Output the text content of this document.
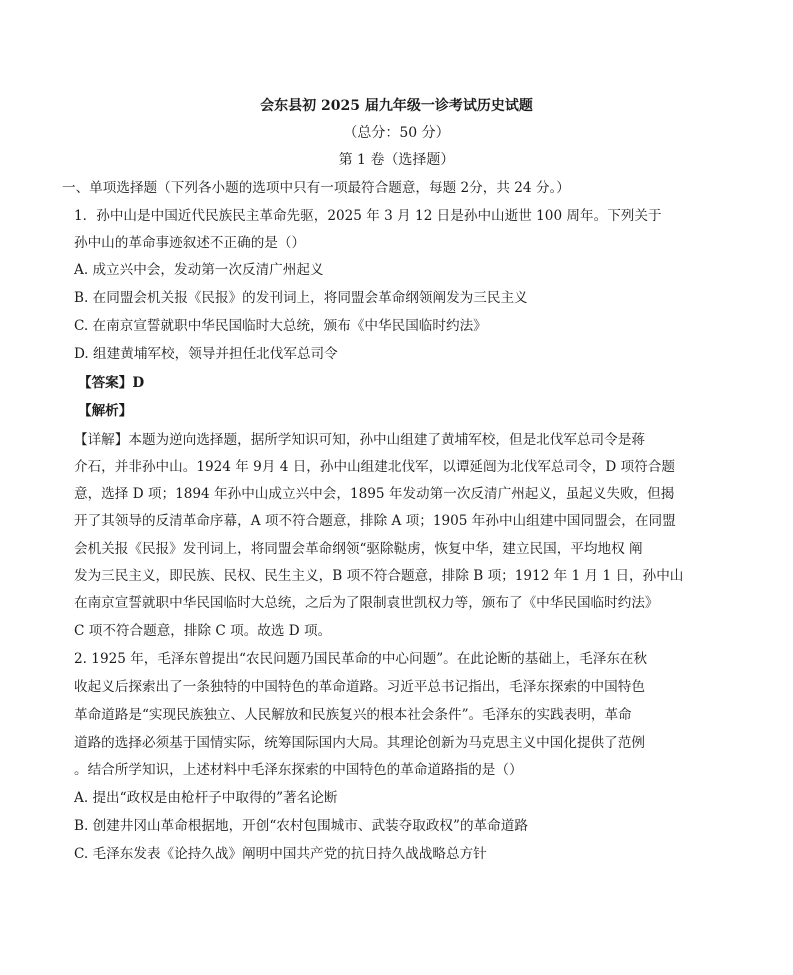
会东县初 2025 届九年级一诊考试历史试题
（总分：50 分）
第 1 卷（选择题）
一、单项选择题（下列各小题的选项中只有一项最符合题意，每题 2分，共 24 分。）
1．孙中山是中国近代民族民主革命先驱，2025 年 3 月 12 日是孙中山逝世 100 周年。下列关于
孙中山的革命事迹叙述不正确的是（）
A. 成立兴中会，发动第一次反清广州起义
B. 在同盟会机关报《民报》的发刊词上，将同盟会革命纲领阐发为三民主义
C. 在南京宣誓就职中华民国临时大总统，颁布《中华民国临时约法》
D. 组建黄埔军校，领导并担任北伐军总司令
【答案】D
【解析】
【详解】本题为逆向选择题，据所学知识可知，孙中山组建了黄埔军校，但是北伐军总司令是蒋
介石，并非孙中山。1924 年 9月 4 日，孙中山组建北伐军，以谭延闿为北伐军总司令，D 项符合题
意，选择 D 项；1894 年孙中山成立兴中会，1895 年发动第一次反清广州起义，虽起义失败，但揭
开了其领导的反清革命序幕，A 项不符合题意，排除 A 项；1905 年孙中山组建中国同盟会，在同盟
会机关报《民报》发刊词上，将同盟会革命纲领“驱除鞑虏，恢复中华，建立民国，平均地权 阐
发为三民主义，即民族、民权、民生主义，B 项不符合题意，排除 B 项；1912 年 1 月 1 日，孙中山
在南京宣誓就职中华民国临时大总统，之后为了限制袁世凯权力等，颁布了《中华民国临时约法》
C 项不符合题意，排除 C 项。故选 D 项。
2. 1925 年，毛泽东曾提出“农民问题乃国民革命的中心问题”。在此论断的基础上，毛泽东在秋
收起义后探索出了一条独特的中国特色的革命道路。习近平总书记指出，毛泽东探索的中国特色
革命道路是“实现民族独立、人民解放和民族复兴的根本社会条件”。毛泽东的实践表明，革命
道路的选择必须基于国情实际，统筹国际国内大局。其理论创新为马克思主义中国化提供了范例
。结合所学知识，上述材料中毛泽东探索的中国特色的革命道路指的是（）
A. 提出“政权是由枪杆子中取得的”著名论断
B. 创建井冈山革命根据地，开创“农村包围城市、武装夺取政权”的革命道路
C. 毛泽东发表《论持久战》阐明中国共产党的抗日持久战战略总方针
